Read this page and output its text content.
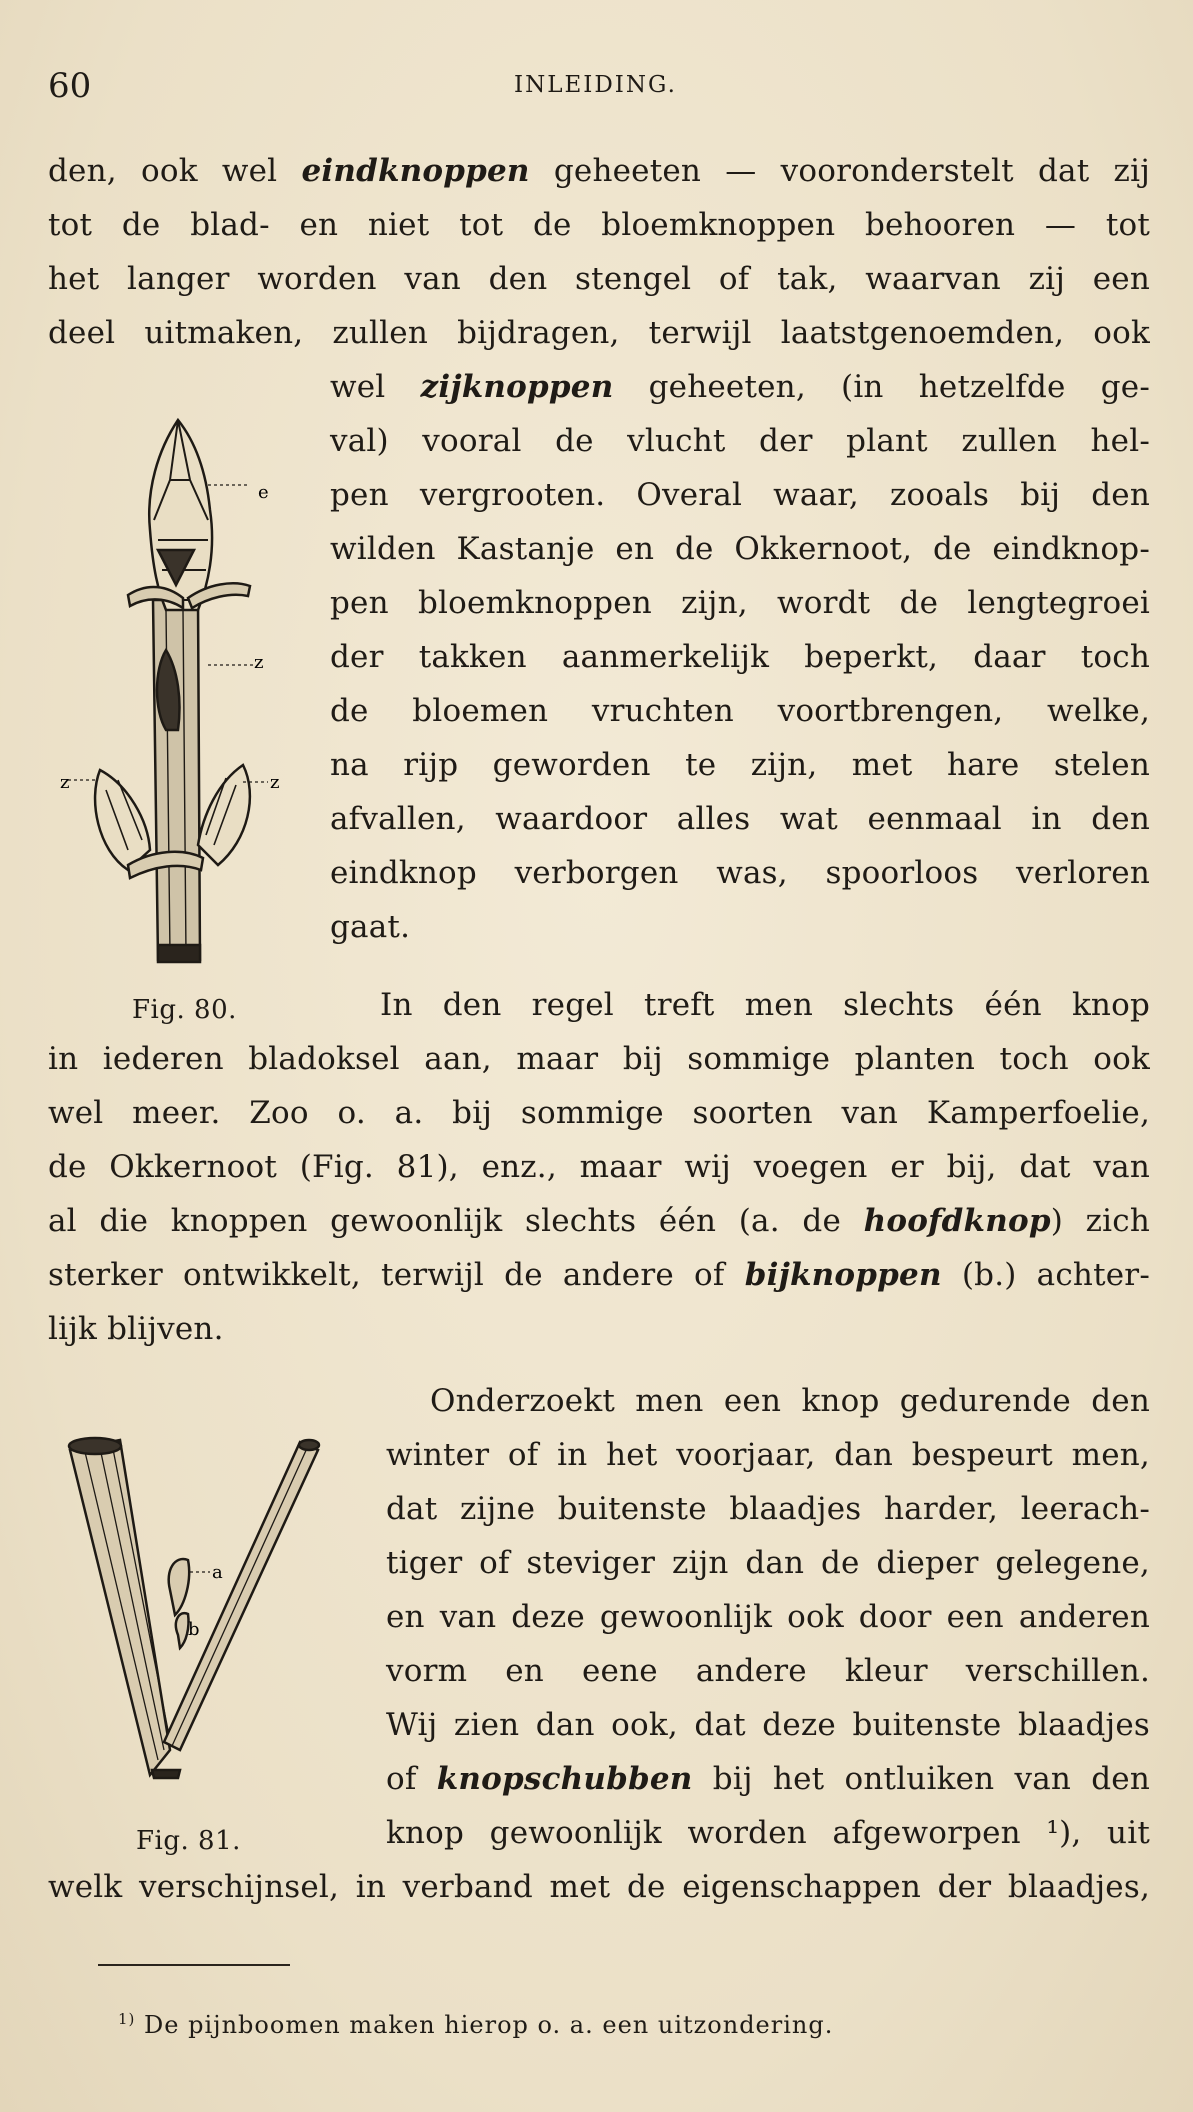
60	INLEIDING.
den, ook wel eindknoppen geheeten — vooronderstelt dat zij
tot de blad- en niet tot de bloemknoppen behooren — tot
het langer worden van den stengel of tak, waarvan zij een
deel uitmaken, zullen bijdragen, terwijl laatstgenoemden, ook
wel zijknoppen geheeten, (in hetzelfde ge-
val) vooral de vlucht der plant zullen hel-
pen vergrooten. Overal waar, zooals bij den
wilden Kastanje en de Okkernoot, de eindknop-
pen bloemknoppen zijn, wordt de lengtegroei
der takken aanmerkelijk beperkt, daar toch
de bloemen vruchten voortbrengen, welke,
na rijp geworden te zijn, met hare stelen
afvallen, waardoor alles wat eenmaal in den
eindknop verborgen was, spoorloos verloren
gaat.
Fig. 80.	In den regel treft men slechts één knop
in iederen bladoksel aan, maar bij sommige planten toch ook
wel meer. Zoo o. a. bij sommige soorten van Kamperfoelie,
de Okkernoot (Fig. 81), enz., maar wij voegen er bij, dat van
al die knoppen gewoonlijk slechts één (a. de hoofdknop) zich
sterker ontwikkelt, terwijl de andere of bijknoppen (b.) achter-
lijk blijven.
Onderzoekt men een knop gedurende den
winter of in het voorjaar, dan bespeurt men,
dat zijne buitenste blaadjes harder, leerach-
tiger of steviger zijn dan de dieper gelegene,
en van deze gewoonlijk ook door een anderen
vorm en eene andere kleur verschillen.
Wij zien dan ook, dat deze buitenste blaadjes
of knopschubben bij het ontluiken van den
Fig. 81.	knop gewoonlijk worden afgeworpen ¹), uit
welk verschijnsel, in verband met de eigenschappen der blaadjes,
$^{1)}$ De pijnboomen maken hierop o. a. een uitzondering.
e
z
z	z
a
b
